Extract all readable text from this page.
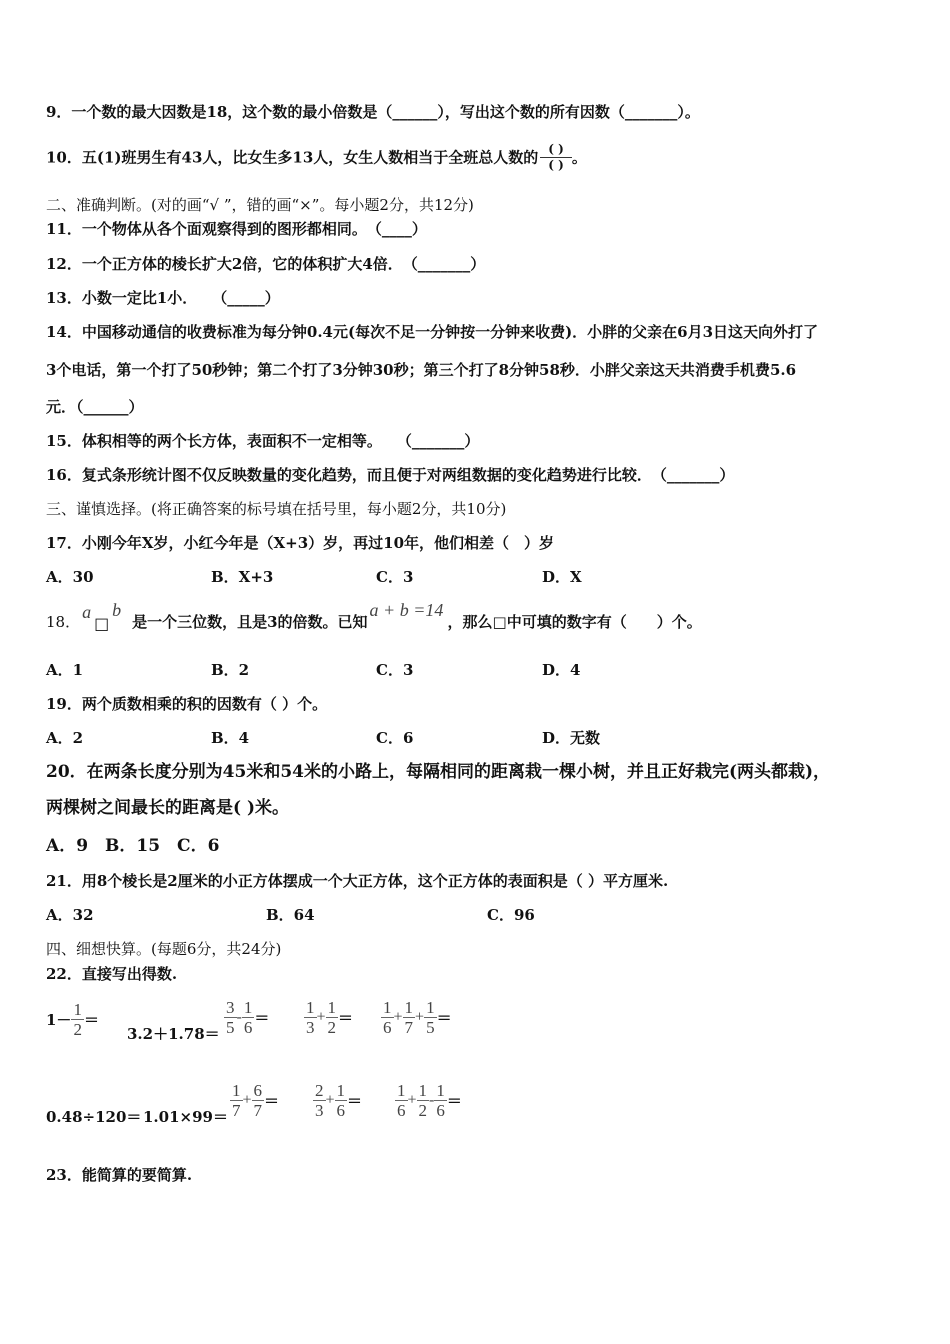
9．一个数的最大因数是18，这个数的最小倍数是（______），写出这个数的所有因数（_______）。
10．五(1)班男生有43人，比女生多13人，女生人数相当于全班总人数的 $\frac{( )}{( )}$ 。
二、准确判断。(对的画“√ ”，错的画“×”。每小题2分，共12分)
11．一个物体从各个面观察得到的图形都相同。　（____）
12．一个正方体的棱长扩大2倍，它的体积扩大4倍．　（_______）
13．小数一定比1小．　　（_____）
14．中国移动通信的收费标准为每分钟0.4元(每次不足一分钟按一分钟来收费)．小胖的父亲在6月3日这天向外打了
3个电话，第一个打了50秒钟；第二个打了3分钟30秒；第三个打了8分钟58秒．小胖父亲这天共消费手机费5.6
元．（______）
15．体积相等的两个长方体，表面积不一定相等。　　（_______）
16．复式条形统计图不仅反映数量的变化趋势，而且便于对两组数据的变化趋势进行比较．　（_______）
三、谨慎选择。(将正确答案的标号填在括号里，每小题2分，共10分)
17．小刚今年X岁，小红今年是（X+3）岁，再过10年，他们相差（　）岁
A．30	B．X+3	C．3	D．X
18． a
□
b
是一个三位数，且是3的倍数。已知
a + b =14
，那么□中可填的数字有（　　）个。
A．1	B．2	C．3	D．4
19．两个质数相乘的积的因数有（ ）个。
A．2	B．4	C．6	D．无数
20．在两条长度分别为45米和54米的小路上，每隔相同的距离栽一棵小树，并且正好栽完(两头都栽)，
两棵树之间最长的距离是( )米。
A．9　B．15　C．6
21．用8个棱长是2厘米的小正方体摆成一个大正方体，这个正方体的表面积是（ ）平方厘米.
A．32	B．64	C．96
四、细想快算。(每题6分，共24分)
22．直接写出得数.
$1- \frac{1}{2}$ ＝
$3.2+1.78= \frac{3}{5} - \frac{1}{6} = \frac{1}{3} + \frac{1}{2} = \frac{1}{6} + \frac{1}{7} + \frac{1}{5}$ ＝
$0.48\div 120= 1.01\times 99= \frac{1}{7} + \frac{6}{7} = \frac{2}{3} + \frac{1}{6} = \frac{1}{6} + \frac{1}{2} - \frac{1}{6}$ ＝
23．能简算的要简算.
